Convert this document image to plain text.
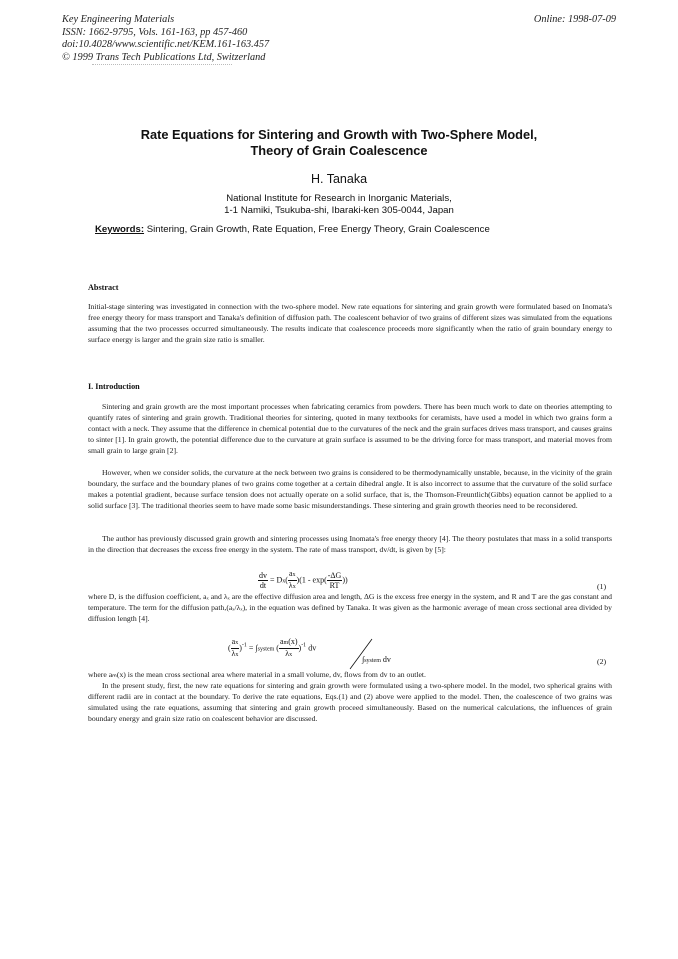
Key Engineering Materials
ISSN: 1662-9795, Vols. 161-163, pp 457-460
doi:10.4028/www.scientific.net/KEM.161-163.457
© 1999 Trans Tech Publications Ltd, Switzerland
Online: 1998-07-09
Rate Equations for Sintering and Growth with Two-Sphere Model,
Theory of Grain Coalescence
H. Tanaka
National Institute for Research in Inorganic Materials,
1-1 Namiki, Tsukuba-shi, Ibaraki-ken 305-0044, Japan
Keywords: Sintering, Grain Growth, Rate Equation, Free Energy Theory, Grain Coalescence
Abstract
Initial-stage sintering was investigated in connection with the two-sphere model. New rate equations for sintering and grain growth were formulated based on Inomata's free energy theory for mass transport and Tanaka's definition of diffusion path. The coalescent behavior of two grains of different sizes was simulated from the equations assuming that the two processes occurred simultaneously. The results indicate that coalescence proceeds more significantly when the ratio of grain boundary energy to surface energy is larger and the grain size ratio is smaller.
I. Introduction
Sintering and grain growth are the most important processes when fabricating ceramics from powders. There has been much work to date on theories attempting to quantify rates of sintering and grain growth. Traditional theories for sintering, quoted in many textbooks for ceramists, have used a model in which two grains form a contact with a neck. They assume that the difference in chemical potential due to the curvatures of the neck and the grain surfaces drives mass transport, and causes grains to sinter [1]. In grain growth, the potential difference due to the curvature at grain surface is assumed to be the driving force for mass transport, and material moves from small grain to large grain [2].
However, when we consider solids, the curvature at the neck between two grains is considered to be thermodynamically unstable, because, in the vicinity of the grain boundary, the surface and the boundary planes of two grains come together at a certain dihedral angle. It is also incorrect to assume that the curvature of the solid surface makes a potential gradient, because surface tension does not actually operate on a solid surface, that is, the Thomson-Freuntlich(Gibbs) equation cannot be applied to a solid surface [3]. The traditional theories seem to have made some basic misunderstandings. These sintering and grain growth theories need to be reconsidered.
The author has previously discussed grain growth and sintering processes using Inomata's free energy theory [4]. The theory postulates that mass in a solid transports in the direction that decreases the excess free energy in the system. The rate of mass transport, dv/dt, is given by [5]:
$\frac{dv}{dt} = Dx( \frac{ax}{\lambda x} )(1 - \exp( \frac{-\Delta G}{RT}$ ))
(1)
where D, is the diffusion coefficient, aₓ and λₓ are the effective diffusion area and length, ΔG is the excess free energy in the system, and R and T are the gas constant and temperature. The term for the diffusion path,(aₓ/λₓ), in the equation was defined by Tanaka. It was given as the harmonic average of mean cross sectional area divided by diffusion length [4].
( $\frac{ax}{\lambda x} )^{-1}$ = ∫system ( $\frac{am(x)}{\lambda x} )^{-1}$ dv
∫system dv	(2)
where aₘ(x) is the mean cross sectional area where material in a small volume, dv, flows from dv to an outlet.
In the present study, first, the new rate equations for sintering and grain growth were formulated using a two-sphere model. In the model, two spherical grains with different radii are in contact at the boundary. To derive the rate equations, Eqs.(1) and (2) above were applied to the model. Then, the coalescence of two grains was simulated using the rate equations, assuming that sintering and grain growth proceed simultaneously. Based on the numerical calculations, the influences of grain boundary energy and grain size ratio on coalescent behavior are discussed.
